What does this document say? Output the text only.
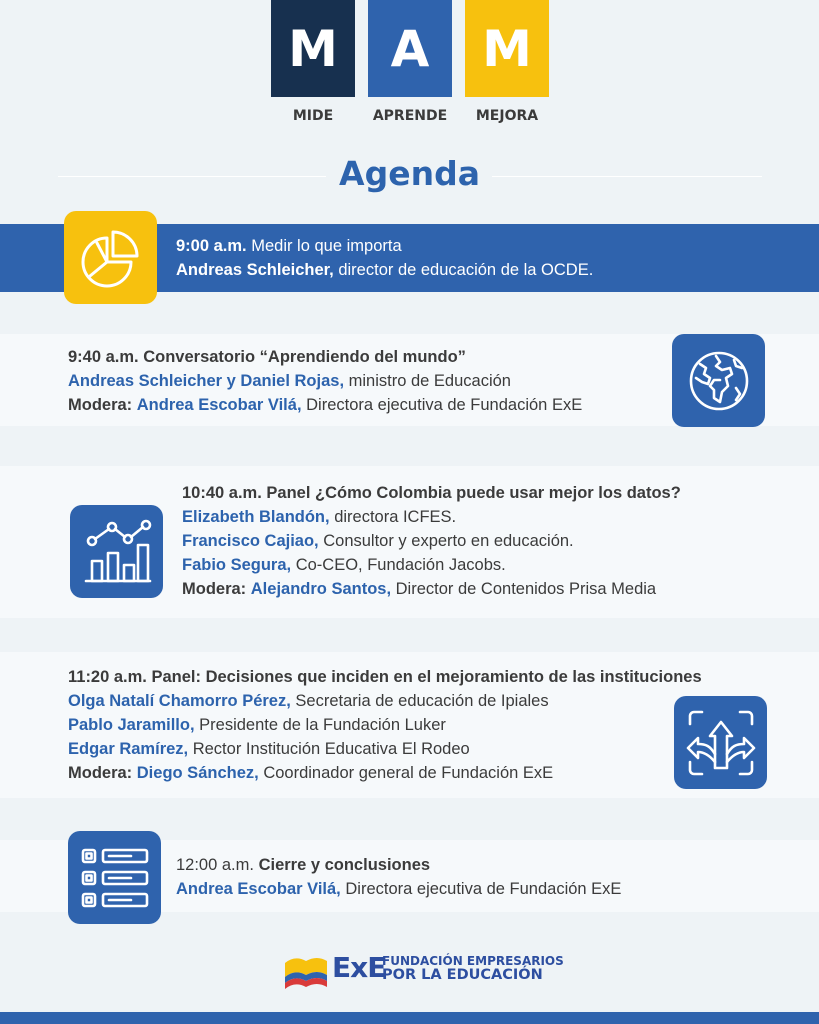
M	A	M
MIDE	APRENDE	MEJORA
Agenda
9:00 a.m. Medir lo que importa
Andreas Schleicher, director de educación de la OCDE.
9:40 a.m. Conversatorio “Aprendiendo del mundo”
Andreas Schleicher y Daniel Rojas, ministro de Educación
Modera: Andrea Escobar Vilá, Directora ejecutiva de Fundación ExE
10:40 a.m. Panel ¿Cómo Colombia puede usar mejor los datos?
Elizabeth Blandón, directora ICFES.
Francisco Cajiao, Consultor y experto en educación.
Fabio Segura, Co-CEO, Fundación Jacobs.
Modera: Alejandro Santos, Director de Contenidos Prisa Media
11:20 a.m. Panel: Decisiones que inciden en el mejoramiento de las instituciones
Olga Natalí Chamorro Pérez, Secretaria de educación de Ipiales
Pablo Jaramillo, Presidente de la Fundación Luker
Edgar Ramírez, Rector Institución Educativa El Rodeo
Modera: Diego Sánchez, Coordinador general de Fundación ExE
12:00 a.m. Cierre y conclusiones
Andrea Escobar Vilá, Directora ejecutiva de Fundación ExE
ExE
FUNDACIÓN EMPRESARIOS
POR LA EDUCACIÓN
